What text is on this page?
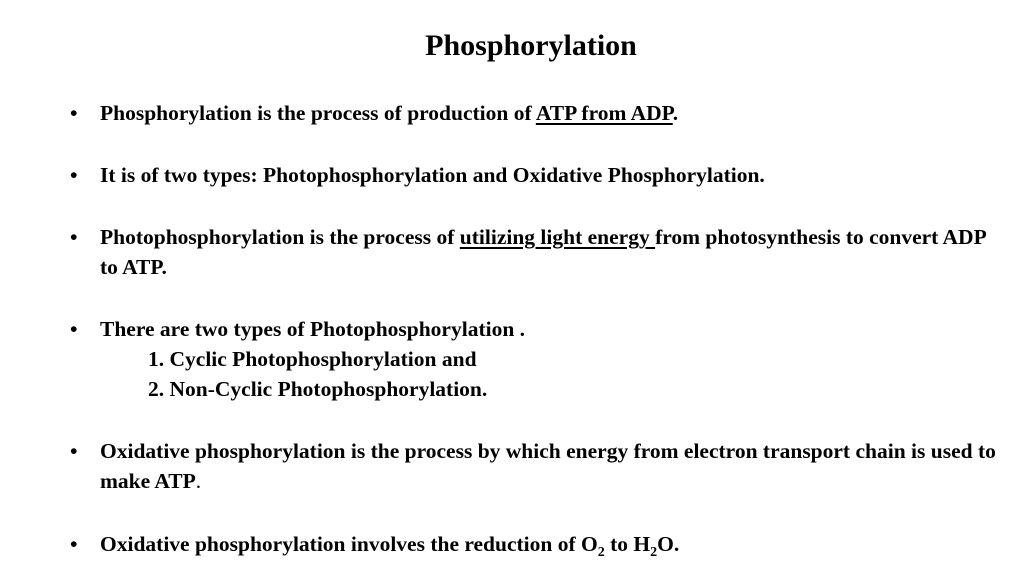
Phosphorylation
• Phosphorylation is the process of production of ATP from ADP.
• It is of two types: Photophosphorylation and Oxidative Phosphorylation.
• Photophosphorylation is the process of utilizing light energy from photosynthesis to convert ADP to ATP.
• There are two types of Photophosphorylation .
1. Cyclic Photophosphorylation and
2. Non-Cyclic Photophosphorylation.
• Oxidative phosphorylation is the process by which energy from electron transport chain is used to make ATP.
• Oxidative phosphorylation involves the reduction of $O_2$ to $H_2O$.
